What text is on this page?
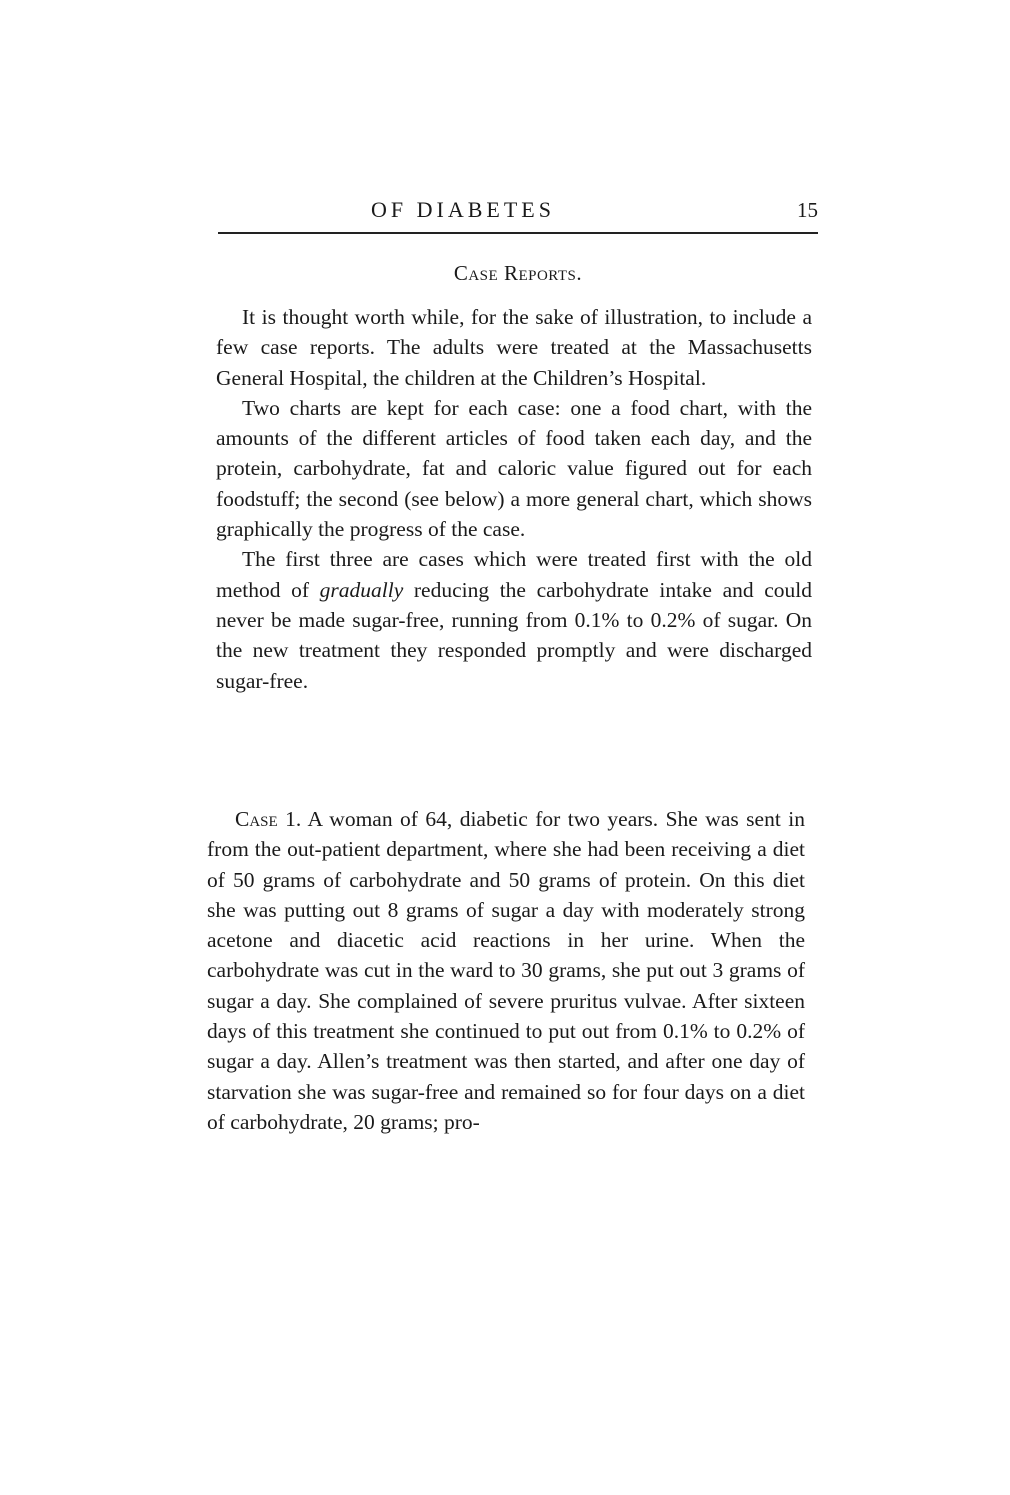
OF DIABETES	15
Case Reports.

It is thought worth while, for the sake of illustration, to include a few case reports. The adults were treated at the Massachusetts General Hospital, the children at the Children’s Hospital.

Two charts are kept for each case: one a food chart, with the amounts of the different articles of food taken each day, and the protein, carbohydrate, fat and caloric value figured out for each foodstuff; the second (see below) a more general chart, which shows graphically the progress of the case.

The first three are cases which were treated first with the old method of gradually reducing the carbohydrate intake and could never be made sugar-free, running from 0.1% to 0.2% of sugar. On the new treatment they responded promptly and were discharged sugar-free.

Case 1. A woman of 64, diabetic for two years. She was sent in from the out-patient department, where she had been receiving a diet of 50 grams of carbohydrate and 50 grams of protein. On this diet she was putting out 8 grams of sugar a day with moderately strong acetone and diacetic acid reactions in her urine. When the carbohydrate was cut in the ward to 30 grams, she put out 3 grams of sugar a day. She complained of severe pruritus vulvae. After sixteen days of this treatment she continued to put out from 0.1% to 0.2% of sugar a day. Allen’s treatment was then started, and after one day of starvation she was sugar-free and remained so for four days on a diet of carbohydrate, 20 grams; pro-
